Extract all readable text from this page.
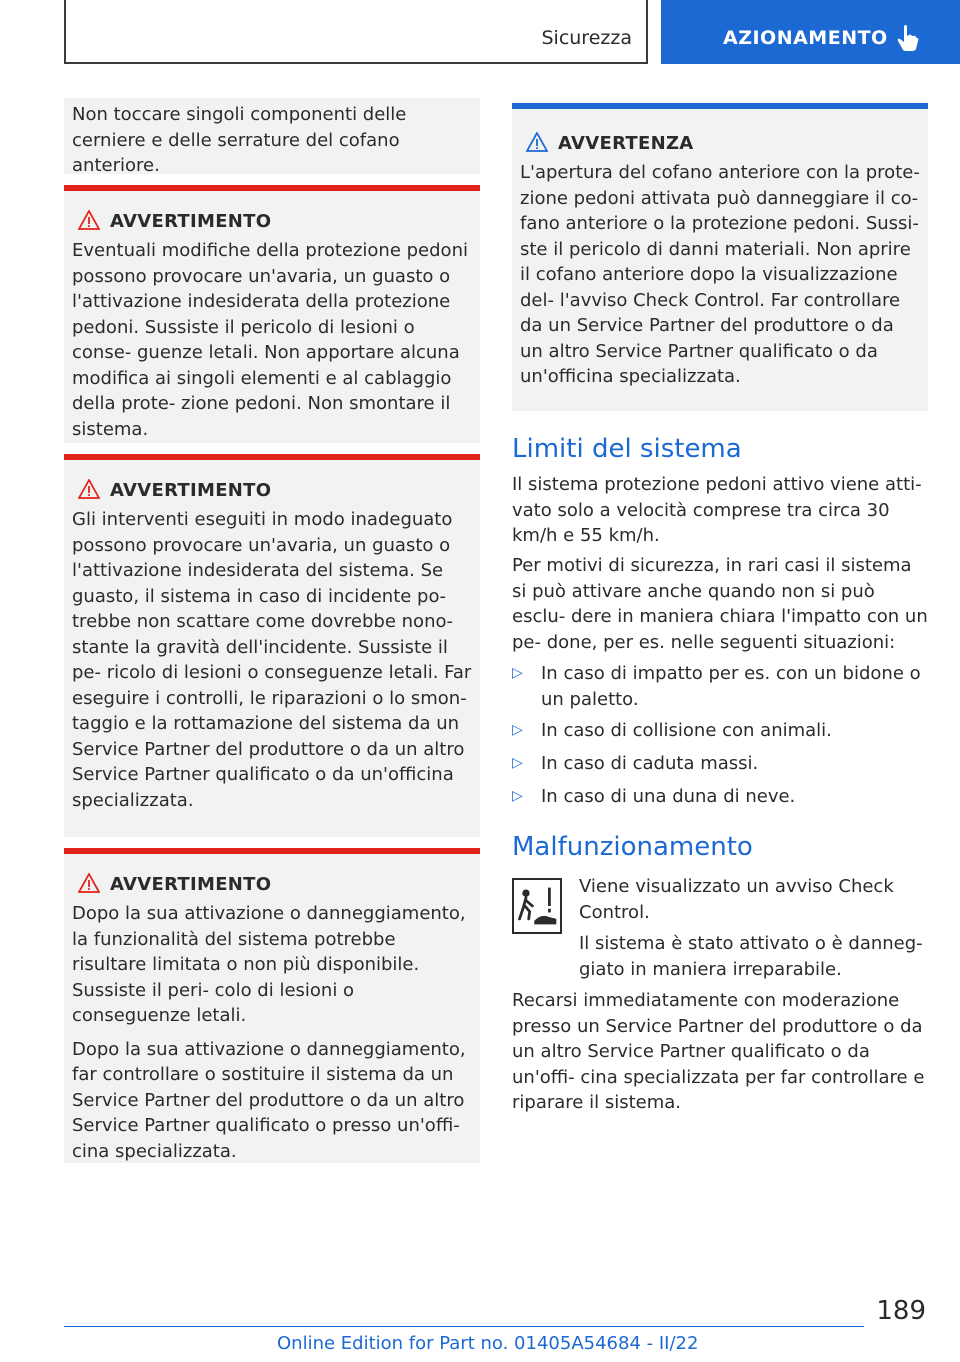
Sicurezza	AZIONAMENTO

Non toccare singoli componenti delle cerniere e delle serrature del cofano anteriore.

AVVERTIMENTO

Eventuali modifiche della protezione pedoni possono provocare un'avaria, un guasto o l'attivazione indesiderata della protezione pedoni. Sussiste il pericolo di lesioni o conse‐ guenze letali. Non apportare alcuna modifica ai singoli elementi e al cablaggio della prote‐ zione pedoni. Non smontare il sistema.

AVVERTIMENTO

Gli interventi eseguiti in modo inadeguato possono provocare un'avaria, un guasto o l'attivazione indesiderata del sistema. Se guasto, il sistema in caso di incidente po‐ trebbe non scattare come dovrebbe nono‐ stante la gravità dell'incidente. Sussiste il pe‐ ricolo di lesioni o conseguenze letali. Far eseguire i controlli, le riparazioni o lo smon‐ taggio e la rottamazione del sistema da un Service Partner del produttore o da un altro Service Partner qualificato o da un'officina specializzata.

AVVERTIMENTO

Dopo la sua attivazione o danneggiamento, la funzionalità del sistema potrebbe risultare limitata o non più disponibile. Sussiste il peri‐ colo di lesioni o conseguenze letali.

Dopo la sua attivazione o danneggiamento, far controllare o sostituire il sistema da un Service Partner del produttore o da un altro Service Partner qualificato o presso un'offi‐ cina specializzata.

AVVERTENZA

L'apertura del cofano anteriore con la prote‐ zione pedoni attivata può danneggiare il co‐ fano anteriore o la protezione pedoni. Sussi‐ ste il pericolo di danni materiali. Non aprire il cofano anteriore dopo la visualizzazione del‐ l'avviso Check Control. Far controllare da un Service Partner del produttore o da un altro Service Partner qualificato o da un'officina specializzata.

Limiti del sistema

Il sistema protezione pedoni attivo viene atti‐ vato solo a velocità comprese tra circa 30 km/h e 55 km/h.

Per motivi di sicurezza, in rari casi il sistema si può attivare anche quando non si può esclu‐ dere in maniera chiara l'impatto con un pe‐ done, per es. nelle seguenti situazioni:

▷ In caso di impatto per es. con un bidone o un paletto.
▷ In caso di collisione con animali.
▷ In caso di caduta massi.
▷ In caso di una duna di neve.
Malfunzionamento

Viene visualizzato un avviso Check Control.

Il sistema è stato attivato o è danneg‐ giato in maniera irreparabile.

Recarsi immediatamente con moderazione presso un Service Partner del produttore o da un altro Service Partner qualificato o da un'offi‐ cina specializzata per far controllare e riparare il sistema.

189
Online Edition for Part no. 01405A54684 - II/22
